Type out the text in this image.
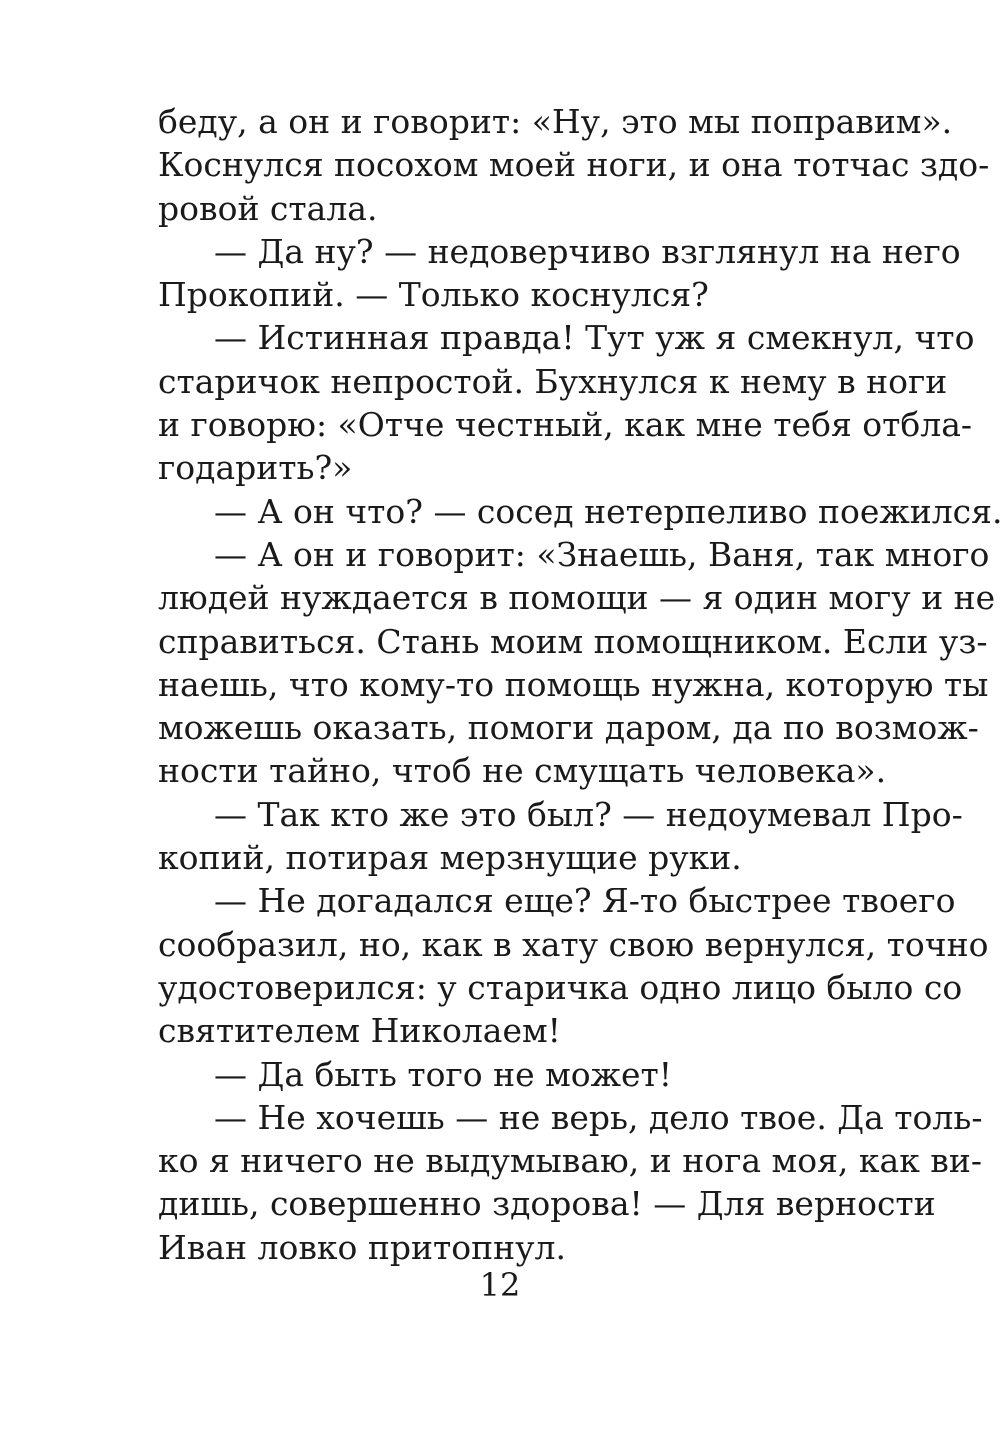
беду, а он и говорит: «Ну, это мы поправим».
Коснулся посохом моей ноги, и она тотчас здо-
ровой стала.
— Да ну? — недоверчиво взглянул на него
Прокопий. — Только коснулся?
— Истинная правда! Тут уж я смекнул, что
старичок непростой. Бухнулся к нему в ноги
и говорю: «Отче честный, как мне тебя отбла-
годарить?»
— А он что? — сосед нетерпеливо поежился.
— А он и говорит: «Знаешь, Ваня, так много
людей нуждается в помощи — я один могу и не
справиться. Стань моим помощником. Если уз-
наешь, что кому-то помощь нужна, которую ты
можешь оказать, помоги даром, да по возмож-
ности тайно, чтоб не смущать человека».
— Так кто же это был? — недоумевал Про-
копий, потирая мерзнущие руки.
— Не догадался еще? Я-то быстрее твоего
сообразил, но, как в хату свою вернулся, точно
удостоверился: у старичка одно лицо было со
святителем Николаем!
— Да быть того не может!
— Не хочешь — не верь, дело твое. Да толь-
ко я ничего не выдумываю, и нога моя, как ви-
дишь, совершенно здорова! — Для верности
Иван ловко притопнул.
12
